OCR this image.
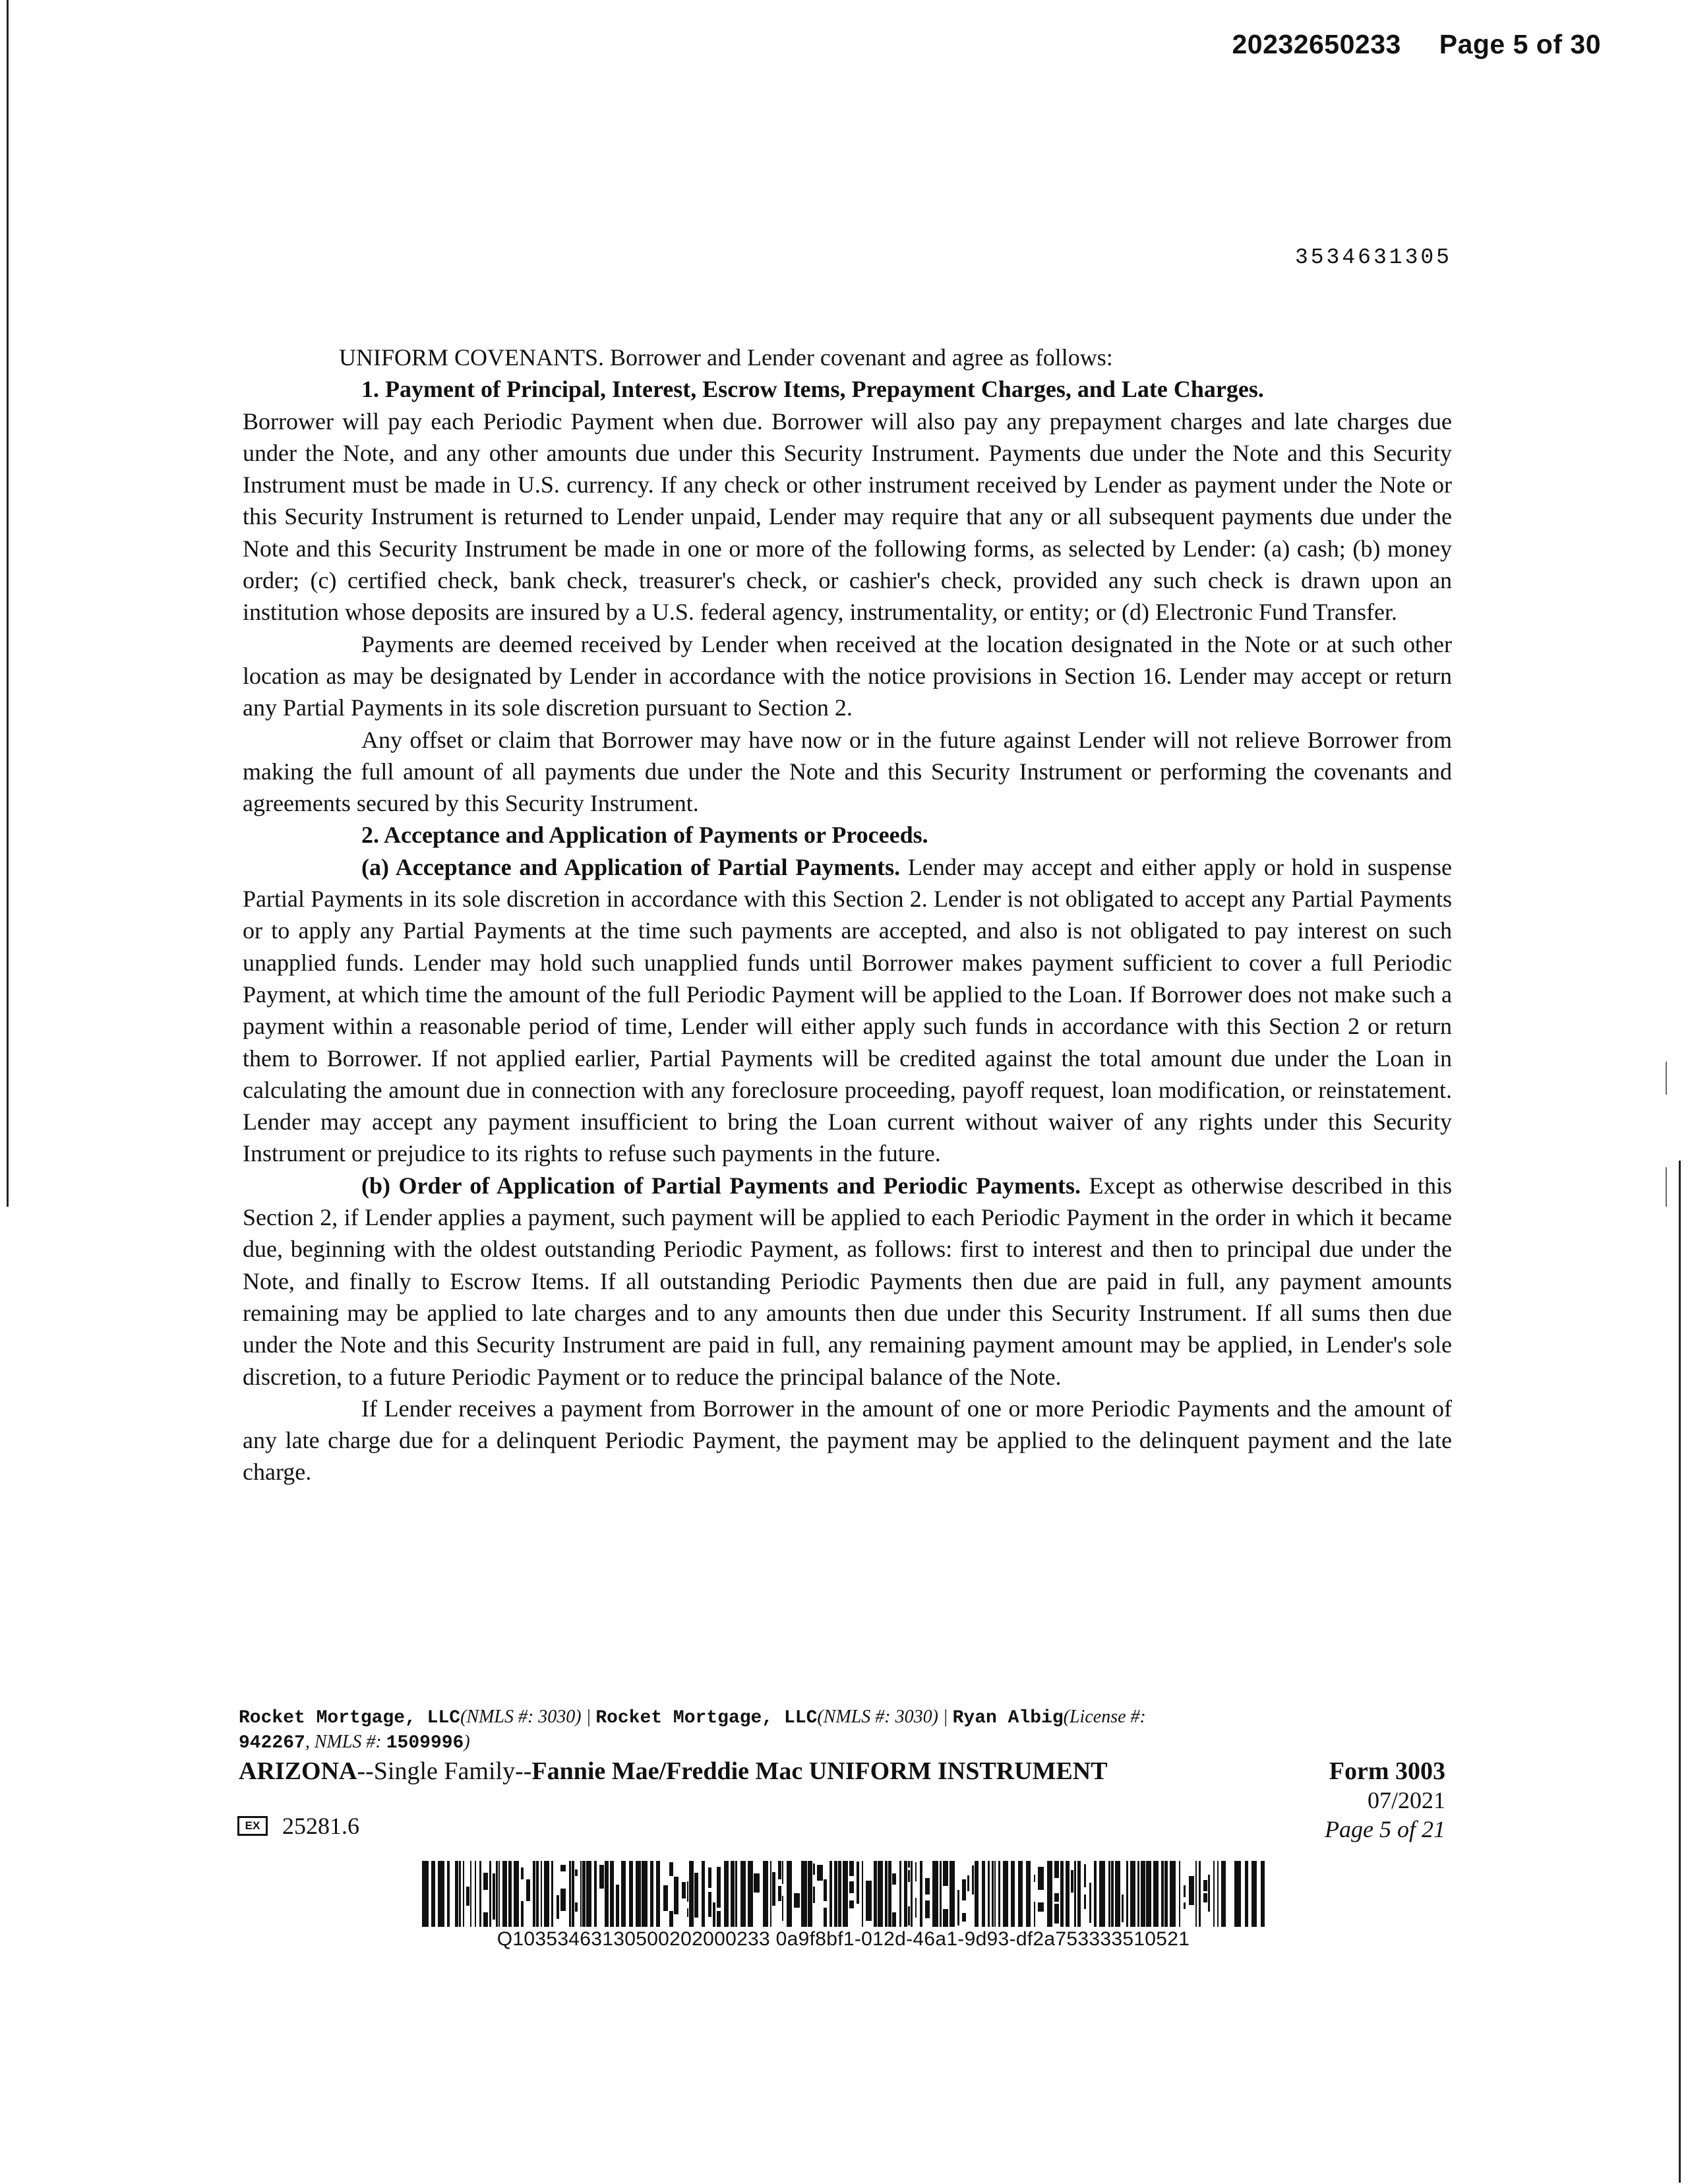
20232650233 Page 5 of 30
3534631305

UNIFORM COVENANTS. Borrower and Lender covenant and agree as follows:

1. Payment of Principal, Interest, Escrow Items, Prepayment Charges, and Late Charges.

Borrower will pay each Periodic Payment when due. Borrower will also pay any prepayment charges and late charges due under the Note, and any other amounts due under this Security Instrument. Payments due under the Note and this Security Instrument must be made in U.S. currency. If any check or other instrument received by Lender as payment under the Note or this Security Instrument is returned to Lender unpaid, Lender may require that any or all subsequent payments due under the Note and this Security Instrument be made in one or more of the following forms, as selected by Lender: (a) cash; (b) money order; (c) certified check, bank check, treasurer's check, or cashier's check, provided any such check is drawn upon an institution whose deposits are insured by a U.S. federal agency, instrumentality, or entity; or (d) Electronic Fund Transfer.

Payments are deemed received by Lender when received at the location designated in the Note or at such other location as may be designated by Lender in accordance with the notice provisions in Section 16. Lender may accept or return any Partial Payments in its sole discretion pursuant to Section 2.

Any offset or claim that Borrower may have now or in the future against Lender will not relieve Borrower from making the full amount of all payments due under the Note and this Security Instrument or performing the covenants and agreements secured by this Security Instrument.

2. Acceptance and Application of Payments or Proceeds.

(a) Acceptance and Application of Partial Payments. Lender may accept and either apply or hold in suspense Partial Payments in its sole discretion in accordance with this Section 2. Lender is not obligated to accept any Partial Payments or to apply any Partial Payments at the time such payments are accepted, and also is not obligated to pay interest on such unapplied funds. Lender may hold such unapplied funds until Borrower makes payment sufficient to cover a full Periodic Payment, at which time the amount of the full Periodic Payment will be applied to the Loan. If Borrower does not make such a payment within a reasonable period of time, Lender will either apply such funds in accordance with this Section 2 or return them to Borrower. If not applied earlier, Partial Payments will be credited against the total amount due under the Loan in calculating the amount due in connection with any foreclosure proceeding, payoff request, loan modification, or reinstatement. Lender may accept any payment insufficient to bring the Loan current without waiver of any rights under this Security Instrument or prejudice to its rights to refuse such payments in the future.

(b) Order of Application of Partial Payments and Periodic Payments. Except as otherwise described in this Section 2, if Lender applies a payment, such payment will be applied to each Periodic Payment in the order in which it became due, beginning with the oldest outstanding Periodic Payment, as follows: first to interest and then to principal due under the Note, and finally to Escrow Items. If all outstanding Periodic Payments then due are paid in full, any payment amounts remaining may be applied to late charges and to any amounts then due under this Security Instrument. If all sums then due under the Note and this Security Instrument are paid in full, any remaining payment amount may be applied, in Lender's sole discretion, to a future Periodic Payment or to reduce the principal balance of the Note.

If Lender receives a payment from Borrower in the amount of one or more Periodic Payments and the amount of any late charge due for a delinquent Periodic Payment, the payment may be applied to the delinquent payment and the late charge.

Rocket Mortgage, LLC(NMLS #: 3030) | Rocket Mortgage, LLC(NMLS #: 3030) | Ryan Albig(License #:
942267, NMLS #: 1509996)
ARIZONA--Single Family--Fannie Mae/Freddie Mac UNIFORM INSTRUMENT	Form 3003
07/2021
Page 5 of 21
EX 25281.6
Q10353463130500202000233 0a9f8bf1-012d-46a1-9d93-df2a753333510521
